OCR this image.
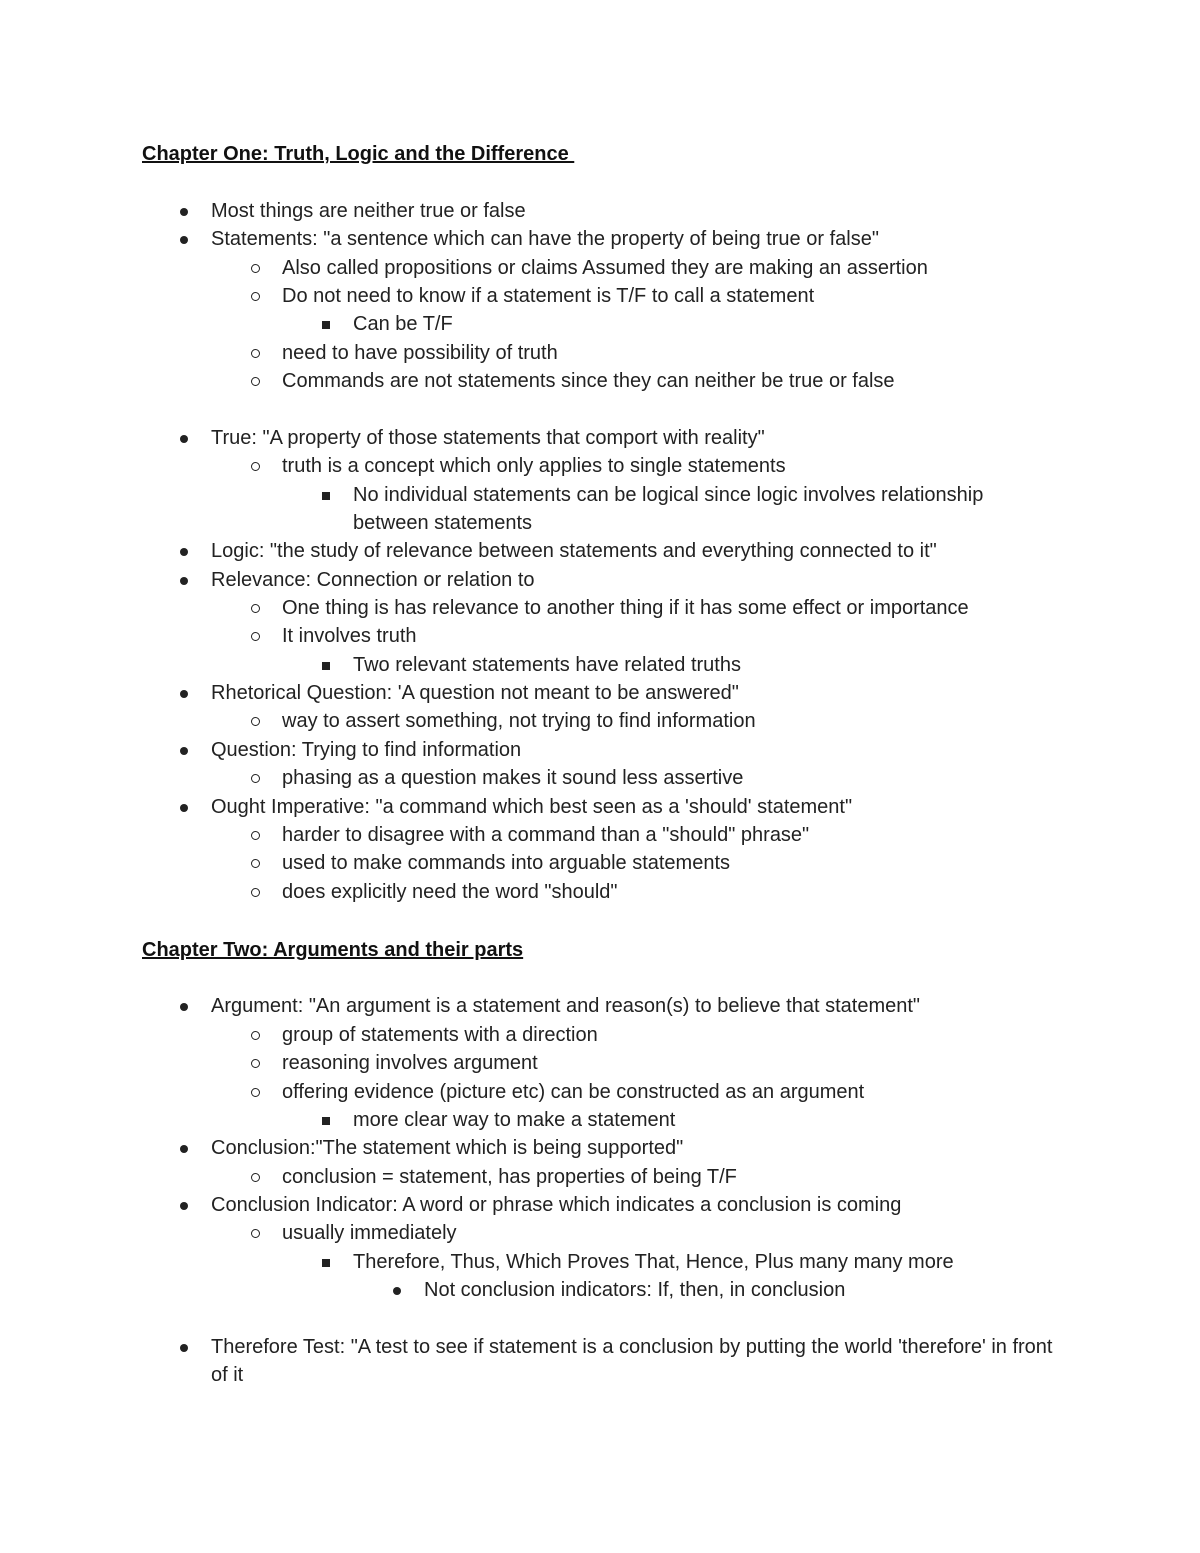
Chapter One: Truth, Logic and the Difference
Chapter Two: Arguments and their parts
Most things are neither true or false
Statements: "a sentence which can have the property of being true or false"
Also called propositions or claims Assumed they are making an assertion
Do not need to know if a statement is T/F to call a statement
Can be T/F
need to have possibility of truth
Commands are not statements since they can neither be true or false
True: "A property of those statements that comport with reality"
truth is a concept which only applies to single statements
No individual statements can be logical since logic involves relationship between statements
Logic: "the study of relevance between statements and everything connected to it"
Relevance: Connection or relation to
One thing is has relevance to another thing if it has some effect or importance
It involves truth
Two relevant statements have related truths
Rhetorical Question: 'A question not meant to be answered"
way to assert something, not trying to find information
Question: Trying to find information
phasing as a question makes it sound less assertive
Ought Imperative: "a command which best seen as a 'should' statement"
harder to disagree with a command than a "should" phrase"
used to make commands into arguable statements
does explicitly need the word "should"
Argument: "An argument is a statement and reason(s) to believe that statement"
group of statements with a direction
reasoning involves argument
offering evidence (picture etc) can be constructed as an argument
more clear way to make a statement
Conclusion:"The statement which is being supported"
conclusion = statement, has properties of being T/F
Conclusion Indicator: A word or phrase which indicates a conclusion is coming
usually immediately
Therefore, Thus, Which Proves That, Hence, Plus many many more
Not conclusion indicators: If, then, in conclusion
Therefore Test: "A test to see if statement is a conclusion by putting the world 'therefore' in front of it
